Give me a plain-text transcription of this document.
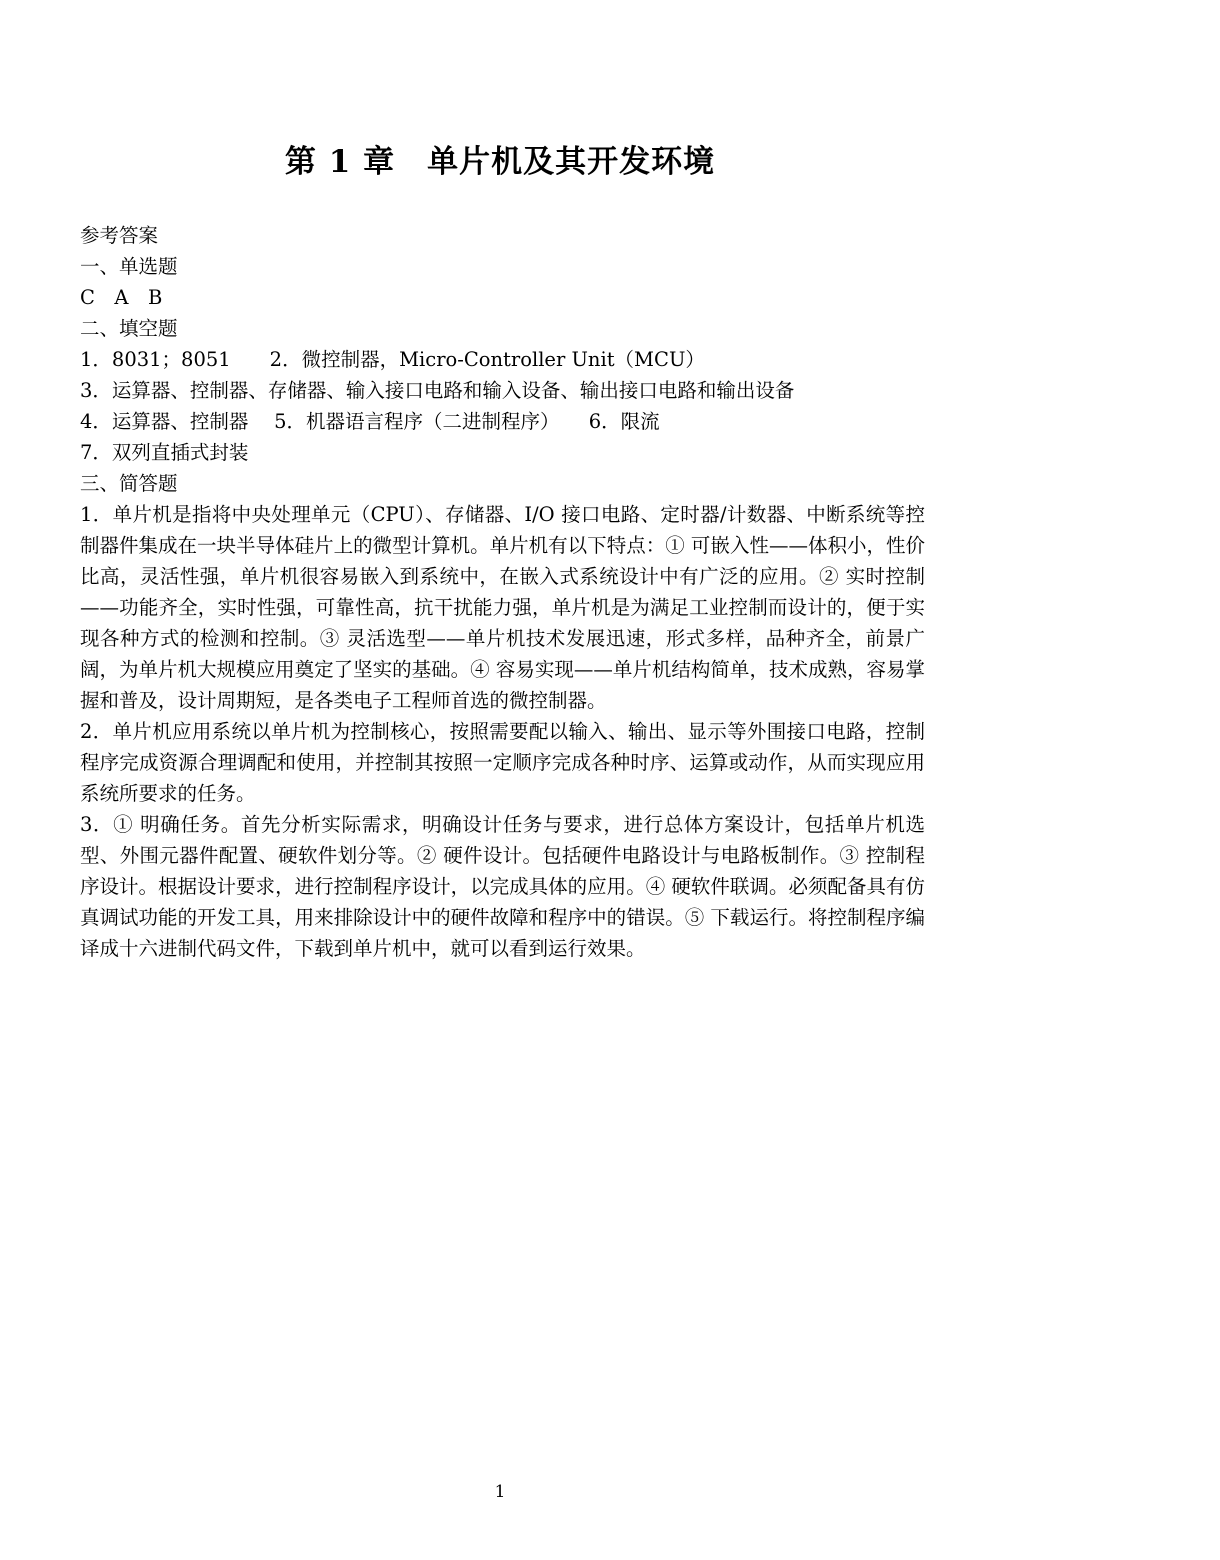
第 1 章　单片机及其开发环境
参考答案
一、单选题
C　A　B
二、填空题
1．8031；8051　　2．微控制器，Micro-Controller Unit（MCU）
3．运算器、控制器、存储器、输入接口电路和输入设备、输出接口电路和输出设备
4．运算器、控制器　 5．机器语言程序（二进制程序）　　6．限流
7．双列直插式封装
三、简答题
1．单片机是指将中央处理单元（CPU）、存储器、I/O 接口电路、定时器/计数器、中断系统等控制器件集成在一块半导体硅片上的微型计算机。单片机有以下特点：① 可嵌入性——体积小，性价比高，灵活性强，单片机很容易嵌入到系统中，在嵌入式系统设计中有广泛的应用。② 实时控制——功能齐全，实时性强，可靠性高，抗干扰能力强，单片机是为满足工业控制而设计的，便于实现各种方式的检测和控制。③ 灵活选型——单片机技术发展迅速，形式多样，品种齐全，前景广阔，为单片机大规模应用奠定了坚实的基础。④ 容易实现——单片机结构简单，技术成熟，容易掌握和普及，设计周期短，是各类电子工程师首选的微控制器。
2．单片机应用系统以单片机为控制核心，按照需要配以输入、输出、显示等外围接口电路，控制程序完成资源合理调配和使用，并控制其按照一定顺序完成各种时序、运算或动作，从而实现应用系统所要求的任务。
3．① 明确任务。首先分析实际需求，明确设计任务与要求，进行总体方案设计，包括单片机选型、外围元器件配置、硬软件划分等。② 硬件设计。包括硬件电路设计与电路板制作。③ 控制程序设计。根据设计要求，进行控制程序设计，以完成具体的应用。④ 硬软件联调。必须配备具有仿真调试功能的开发工具，用来排除设计中的硬件故障和程序中的错误。⑤ 下载运行。将控制程序编译成十六进制代码文件，下载到单片机中，就可以看到运行效果。
1
